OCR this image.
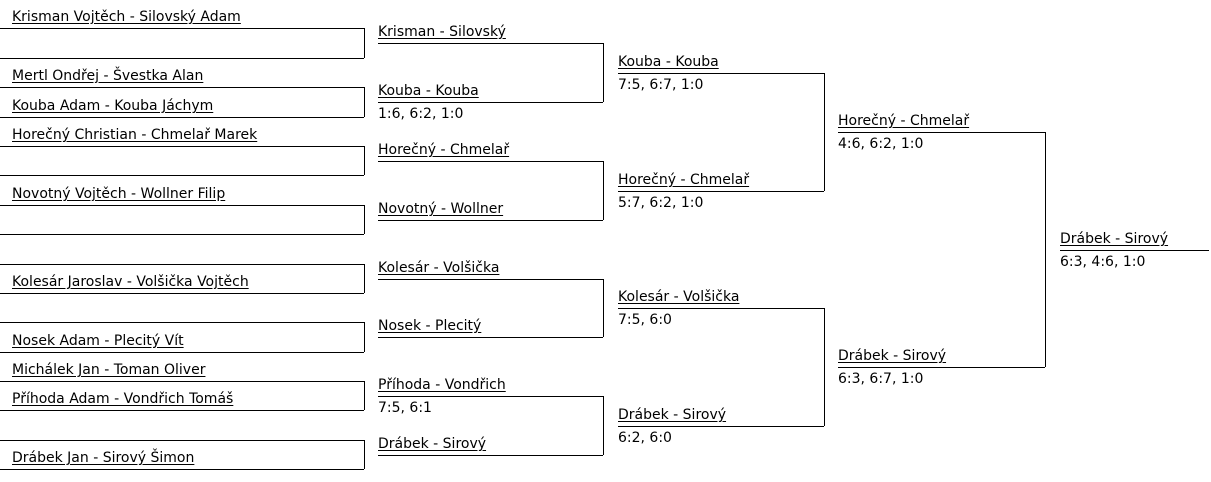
Krisman Vojtěch - Silovský Adam
Mertl Ondřej - Švestka Alan
Kouba Adam - Kouba Jáchym
Horečný Christian - Chmelař Marek
Novotný Vojtěch - Wollner Filip
Kolesár Jaroslav - Volšička Vojtěch
Nosek Adam - Plecitý Vít
Michálek Jan - Toman Oliver
Příhoda Adam - Vondřich Tomáš
Drábek Jan - Sirový Šimon
Krisman - Silovský
Kouba - Kouba
1:6, 6:2, 1:0
Horečný - Chmelař
Novotný - Wollner
Kolesár - Volšička
Nosek - Plecitý
Příhoda - Vondřich
7:5, 6:1
Drábek - Sirový
Kouba - Kouba
7:5, 6:7, 1:0
Horečný - Chmelař
5:7, 6:2, 1:0
Kolesár - Volšička
7:5, 6:0
Drábek - Sirový
6:2, 6:0
Horečný - Chmelař
4:6, 6:2, 1:0
Drábek - Sirový
6:3, 6:7, 1:0
Drábek - Sirový
6:3, 4:6, 1:0
